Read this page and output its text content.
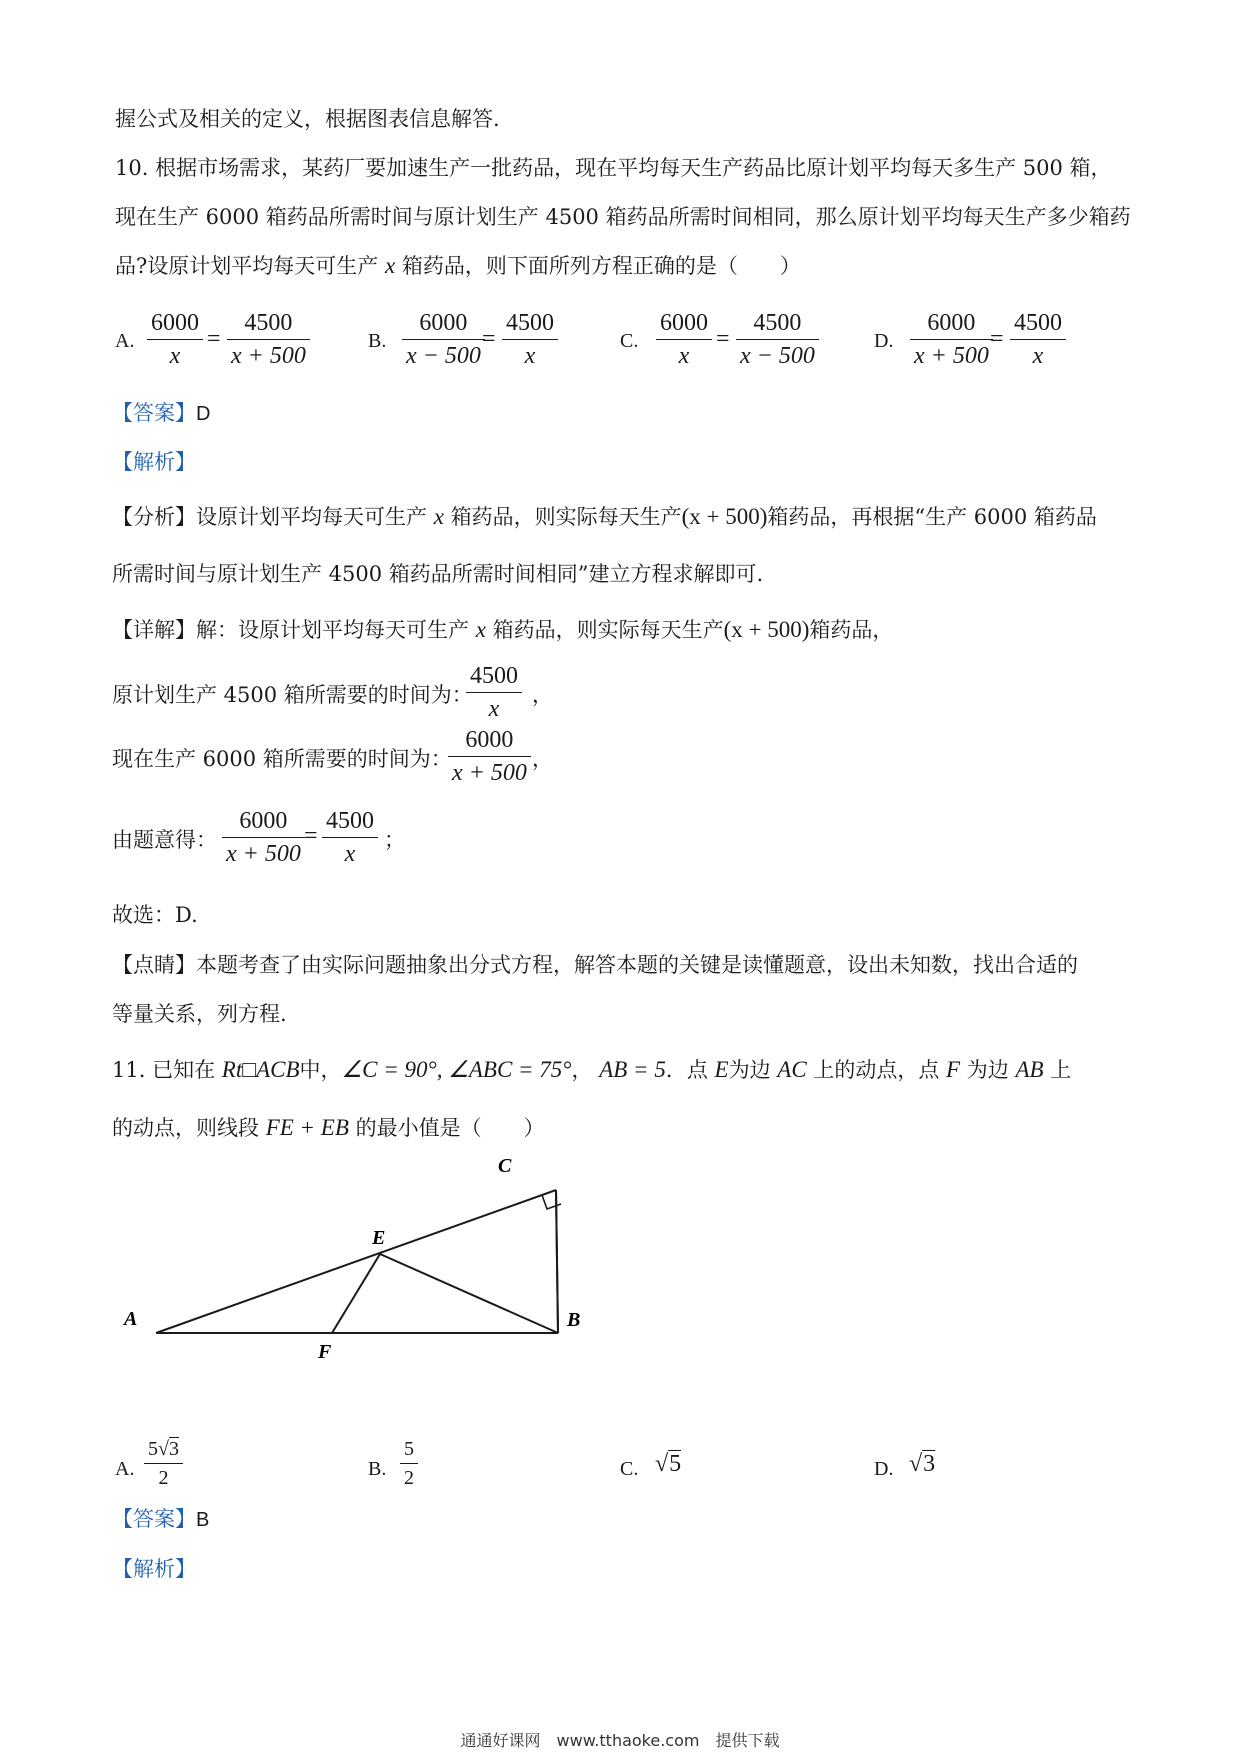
握公式及相关的定义，根据图表信息解答.
10. 根据市场需求，某药厂要加速生产一批药品，现在平均每天生产药品比原计划平均每天多生产 500 箱，
现在生产 6000 箱药品所需时间与原计划生产 4500 箱药品所需时间相同，那么原计划平均每天生产多少箱药
品?设原计划平均每天可生产 x 箱药品，则下面所列方程正确的是（　　）
A.
6000
x
=
4500
x + 500
B.
6000
x − 500
=
4500
x
C.
6000
x
=
4500
x − 500
D.
6000
x + 500
=
4500
x
【答案】D
【解析】
【分析】设原计划平均每天可生产 x 箱药品，则实际每天生产(x + 500)箱药品，再根据“生产 6000 箱药品
所需时间与原计划生产 4500 箱药品所需时间相同”建立方程求解即可.
【详解】解：设原计划平均每天可生产 x 箱药品，则实际每天生产(x + 500)箱药品，
原计划生产 4500 箱所需要的时间为：
4500
x
，
现在生产 6000 箱所需要的时间为：
6000
x + 500
，
由题意得：
6000
x + 500
=
4500
x
；
故选：D.
【点睛】本题考查了由实际问题抽象出分式方程，解答本题的关键是读懂题意，设出未知数，找出合适的
等量关系，列方程.
11. 已知在 Rt□ACB中，∠C = 90°, ∠ABC = 75°， AB = 5．点 E为边 AC 上的动点，点 F 为边 AB 上
的动点，则线段 FE + EB 的最小值是（　　）
A	B
C
E
F
A.
5√3
2	B.
5
2	C. √5	D. √3
【答案】B
【解析】
通通好课网　www.tthaoke.com　提供下载
